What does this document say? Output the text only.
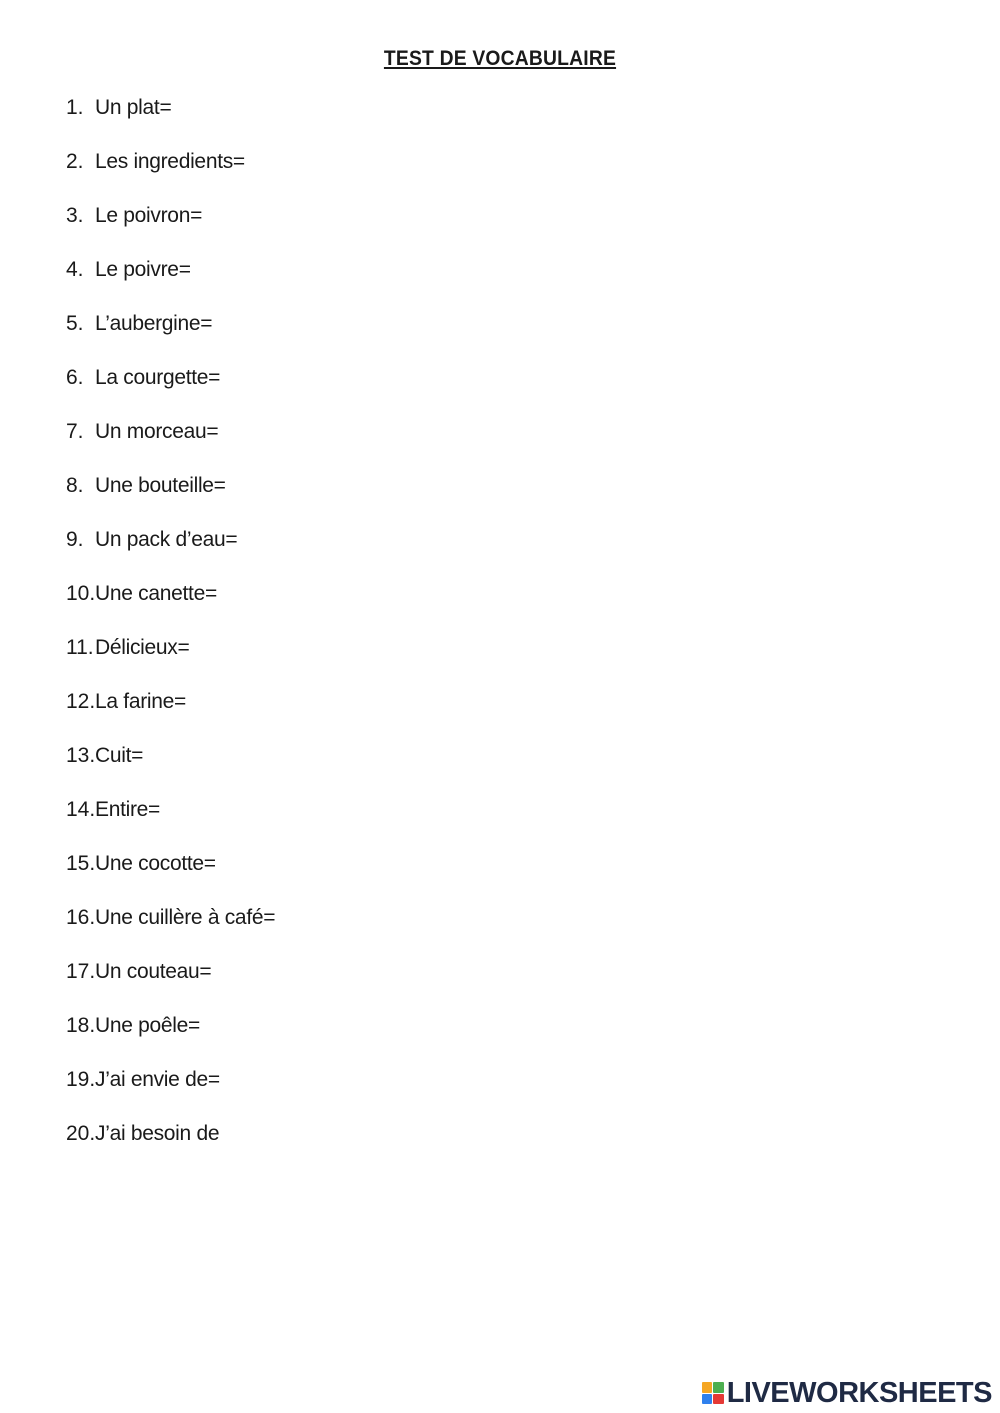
TEST DE VOCABULAIRE
1. Un plat=
2. Les ingredients=
3. Le poivron=
4. Le poivre=
5. L’aubergine=
6. La courgette=
7. Un morceau=
8. Une bouteille=
9. Un pack d’eau=
10. Une canette=
11. Délicieux=
12. La farine=
13. Cuit=
14. Entire=
15. Une cocotte=
16. Une cuillère à café=
17. Un couteau=
18. Une poêle=
19. J’ai envie de=
20. J’ai besoin de
LIVEWORKSHEETS
